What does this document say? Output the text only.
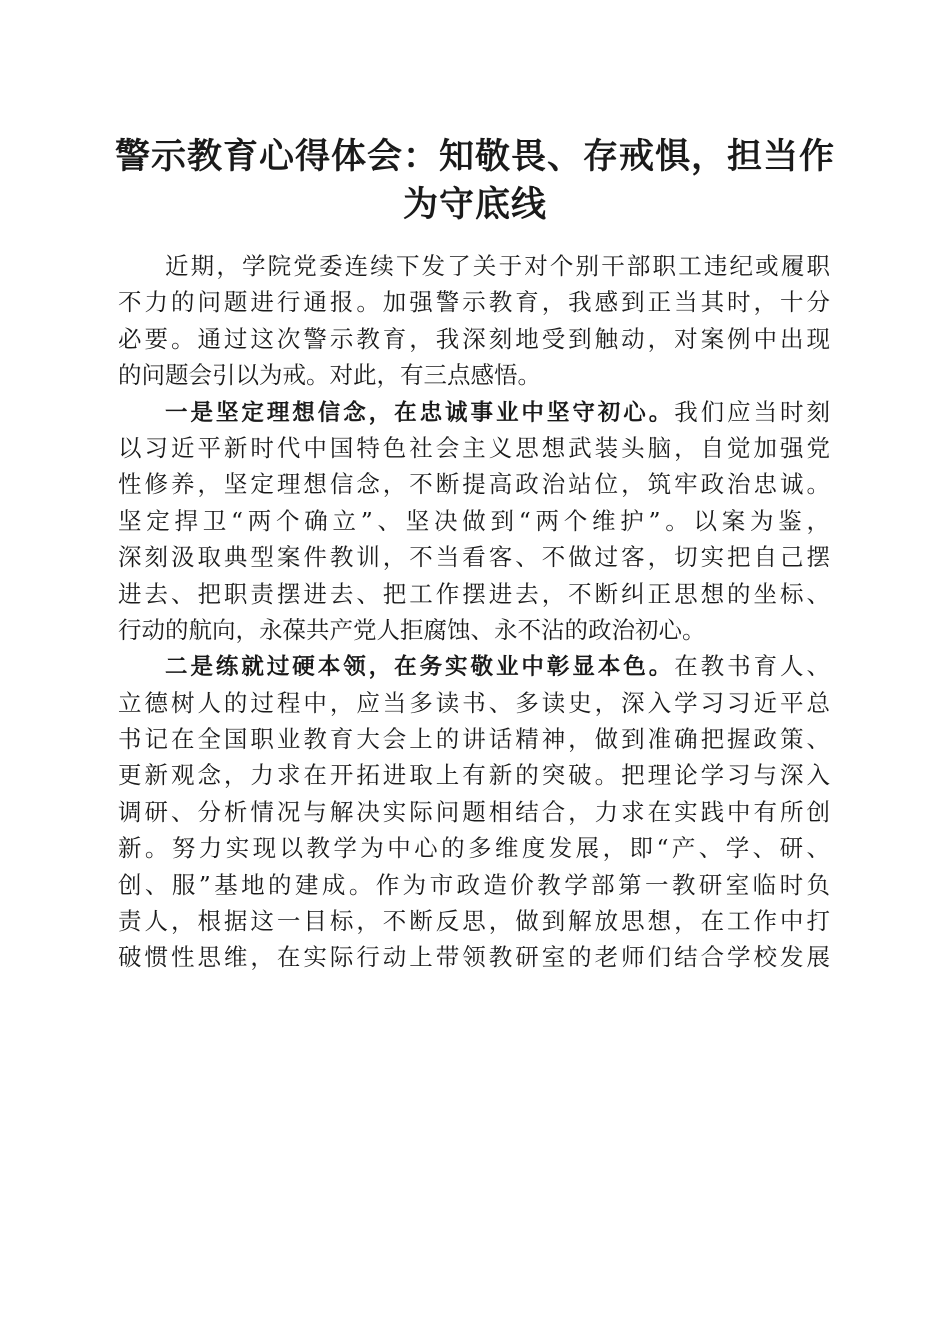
警示教育心得体会：知敬畏、存戒惧，担当作
为守底线

近期，学院党委连续下发了关于对个别干部职工违纪或履职
不力的问题进行通报。加强警示教育，我感到正当其时，十分
必要。通过这次警示教育，我深刻地受到触动，对案例中出现
的问题会引以为戒。对此，有三点感悟。

一是坚定理想信念，在忠诚事业中坚守初心。我们应当时刻
以习近平新时代中国特色社会主义思想武装头脑，自觉加强党
性修养，坚定理想信念，不断提高政治站位，筑牢政治忠诚。
坚定捍卫“两个确立”、坚决做到“两个维护”。以案为鉴，
深刻汲取典型案件教训，不当看客、不做过客，切实把自己摆
进去、把职责摆进去、把工作摆进去，不断纠正思想的坐标、
行动的航向，永葆共产党人拒腐蚀、永不沾的政治初心。

二是练就过硬本领，在务实敬业中彰显本色。在教书育人、
立德树人的过程中，应当多读书、多读史，深入学习习近平总
书记在全国职业教育大会上的讲话精神，做到准确把握政策、
更新观念，力求在开拓进取上有新的突破。把理论学习与深入
调研、分析情况与解决实际问题相结合，力求在实践中有所创
新。努力实现以教学为中心的多维度发展，即“产、学、研、
创、服”基地的建成。作为市政造价教学部第一教研室临时负
责人，根据这一目标，不断反思，做到解放思想，在工作中打
破惯性思维，在实际行动上带领教研室的老师们结合学校发展
